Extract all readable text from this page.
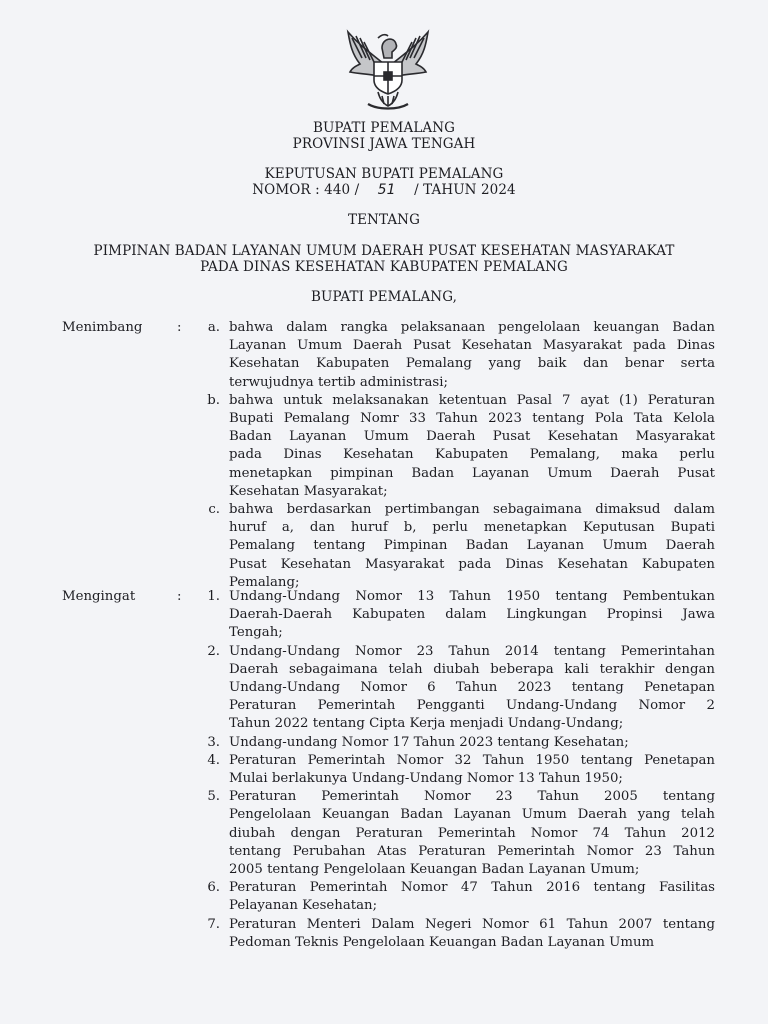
BUPATI PEMALANG
PROVINSI JAWA TENGAH
KEPUTUSAN BUPATI PEMALANG
NOMOR : 440 / 51 / TAHUN 2024
TENTANG
PIMPINAN BADAN LAYANAN UMUM DAERAH PUSAT KESEHATAN MASYARAKAT
PADA DINAS KESEHATAN KABUPATEN PEMALANG
BUPATI PEMALANG,
Menimbang	:	a. bahwa dalam rangka pelaksanaan pengelolaan keuangan Badan
Layanan Umum Daerah Pusat Kesehatan Masyarakat pada Dinas
Kesehatan Kabupaten Pemalang yang baik dan benar serta
terwujudnya tertib administrasi;
b. bahwa untuk melaksanakan ketentuan Pasal 7 ayat (1) Peraturan
Bupati Pemalang Nomr 33 Tahun 2023 tentang Pola Tata Kelola
Badan Layanan Umum Daerah Pusat Kesehatan Masyarakat
pada Dinas Kesehatan Kabupaten Pemalang, maka perlu
menetapkan pimpinan Badan Layanan Umum Daerah Pusat
Kesehatan Masyarakat;
c. bahwa berdasarkan pertimbangan sebagaimana dimaksud dalam
huruf a, dan huruf b, perlu menetapkan Keputusan Bupati
Pemalang tentang Pimpinan Badan Layanan Umum Daerah
Pusat Kesehatan Masyarakat pada Dinas Kesehatan Kabupaten
Pemalang;
Mengingat	:	1. Undang-Undang Nomor 13 Tahun 1950 tentang Pembentukan
Daerah-Daerah Kabupaten dalam Lingkungan Propinsi Jawa
Tengah;
2. Undang-Undang Nomor 23 Tahun 2014 tentang Pemerintahan
Daerah sebagaimana telah diubah beberapa kali terakhir dengan
Undang-Undang Nomor 6 Tahun 2023 tentang Penetapan
Peraturan Pemerintah Pengganti Undang-Undang Nomor 2
Tahun 2022 tentang Cipta Kerja menjadi Undang-Undang;
3. Undang-undang Nomor 17 Tahun 2023 tentang Kesehatan;
4. Peraturan Pemerintah Nomor 32 Tahun 1950 tentang Penetapan
Mulai berlakunya Undang-Undang Nomor 13 Tahun 1950;
5. Peraturan Pemerintah Nomor 23 Tahun 2005 tentang
Pengelolaan Keuangan Badan Layanan Umum Daerah yang telah
diubah dengan Peraturan Pemerintah Nomor 74 Tahun 2012
tentang Perubahan Atas Peraturan Pemerintah Nomor 23 Tahun
2005 tentang Pengelolaan Keuangan Badan Layanan Umum;
6. Peraturan Pemerintah Nomor 47 Tahun 2016 tentang Fasilitas
Pelayanan Kesehatan;
7. Peraturan Menteri Dalam Negeri Nomor 61 Tahun 2007 tentang
Pedoman Teknis Pengelolaan Keuangan Badan Layanan Umum
